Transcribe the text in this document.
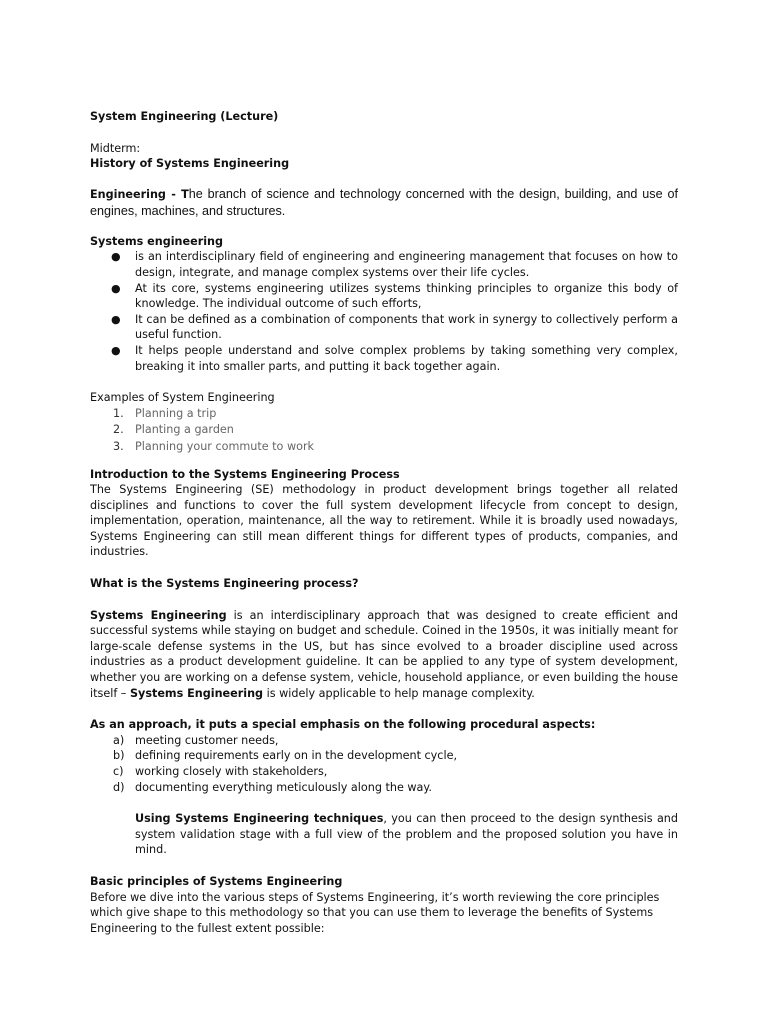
System Engineering (Lecture)

Midterm:

History of Systems Engineering

Engineering - The branch of science and technology concerned with the design, building, and use of engines, machines, and structures.

Systems engineering

● is an interdisciplinary field of engineering and engineering management that focuses on how to design, integrate, and manage complex systems over their life cycles.
● At its core, systems engineering utilizes systems thinking principles to organize this body of knowledge. The individual outcome of such efforts,
● It can be defined as a combination of components that work in synergy to collectively perform a useful function.
● It helps people understand and solve complex problems by taking something very complex, breaking it into smaller parts, and putting it back together again.

Examples of System Engineering

1. Planning a trip
2. Planting a garden
3. Planning your commute to work

Introduction to the Systems Engineering Process

The Systems Engineering (SE) methodology in product development brings together all related disciplines and functions to cover the full system development lifecycle from concept to design, implementation, operation, maintenance, all the way to retirement. While it is broadly used nowadays, Systems Engineering can still mean different things for different types of products, companies, and industries.

What is the Systems Engineering process?

Systems Engineering is an interdisciplinary approach that was designed to create efficient and successful systems while staying on budget and schedule. Coined in the 1950s, it was initially meant for large-scale defense systems in the US, but has since evolved to a broader discipline used across industries as a product development guideline. It can be applied to any type of system development, whether you are working on a defense system, vehicle, household appliance, or even building the house itself – Systems Engineering is widely applicable to help manage complexity.

As an approach, it puts a special emphasis on the following procedural aspects:

a) meeting customer needs,
b) defining requirements early on in the development cycle,
c) working closely with stakeholders,
d) documenting everything meticulously along the way.

Using Systems Engineering techniques, you can then proceed to the design synthesis and system validation stage with a full view of the problem and the proposed solution you have in mind.

Basic principles of Systems Engineering

Before we dive into the various steps of Systems Engineering, it’s worth reviewing the core principles which give shape to this methodology so that you can use them to leverage the benefits of Systems Engineering to the fullest extent possible:
